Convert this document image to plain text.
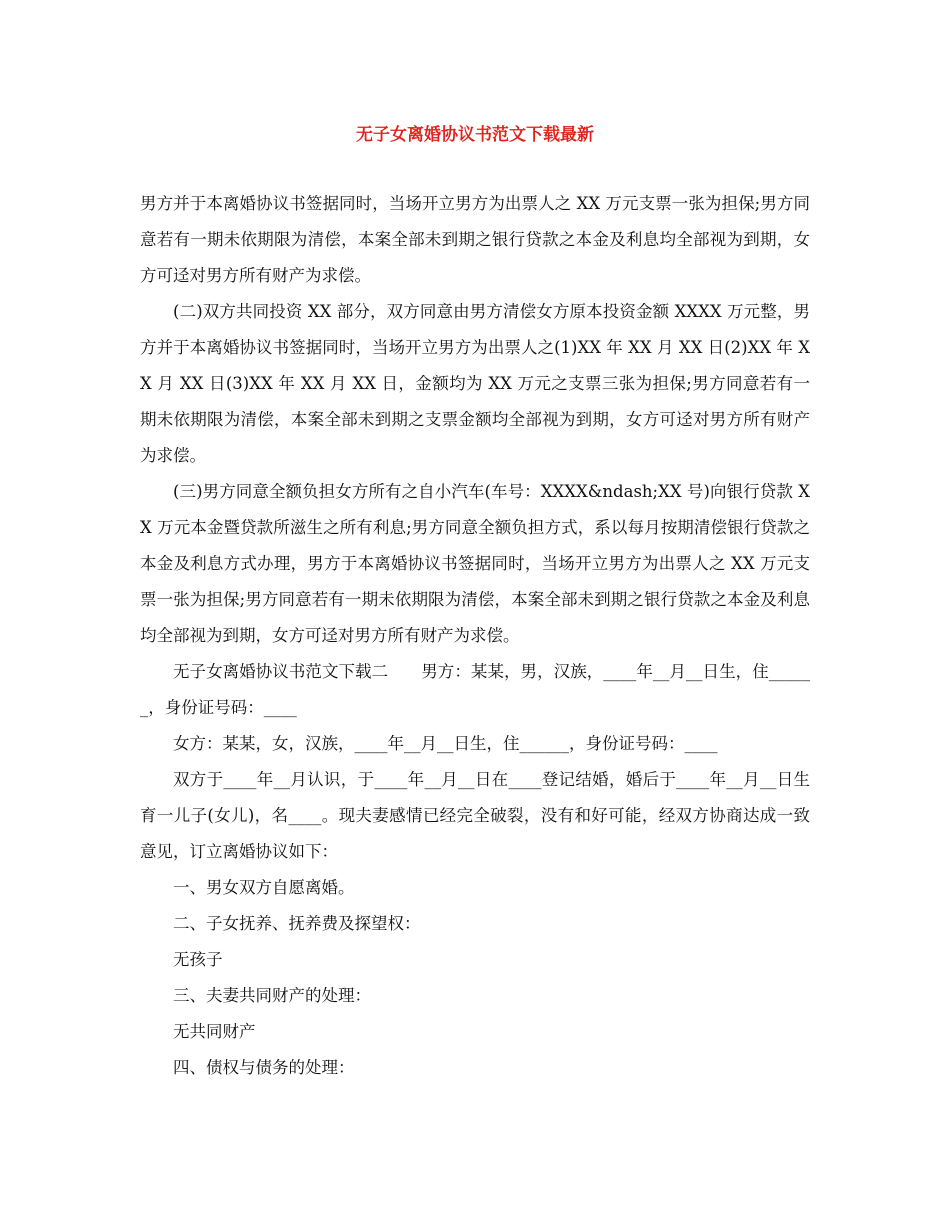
无子女离婚协议书范文下载最新

男方并于本离婚协议书签据同时，当场开立男方为出票人之 XX 万元支票一张为担保;男方同意若有一期未依期限为清偿，本案全部未到期之银行贷款之本金及利息均全部视为到期，女方可迳对男方所有财产为求偿。

(二)双方共同投资 XX 部分，双方同意由男方清偿女方原本投资金额 XXXX 万元整，男方并于本离婚协议书签据同时，当场开立男方为出票人之(1)XX 年 XX 月 XX 日(2)XX 年 XX 月 XX 日(3)XX 年 XX 月 XX 日，金额均为 XX 万元之支票三张为担保;男方同意若有一期未依期限为清偿，本案全部未到期之支票金额均全部视为到期，女方可迳对男方所有财产为求偿。

(三)男方同意全额负担女方所有之自小汽车(车号：XXXX&ndash;XX 号)向银行贷款 XX 万元本金暨贷款所滋生之所有利息;男方同意全额负担方式，系以每月按期清偿银行贷款之本金及利息方式办理，男方于本离婚协议书签据同时，当场开立男方为出票人之 XX 万元支票一张为担保;男方同意若有一期未依期限为清偿，本案全部未到期之银行贷款之本金及利息均全部视为到期，女方可迳对男方所有财产为求偿。

无子女离婚协议书范文下载二　　男方：某某，男，汉族，____年__月__日生，住______，身份证号码：____

女方：某某，女，汉族，____年__月__日生，住______，身份证号码：____

双方于____年__月认识，于____年__月__日在____登记结婚，婚后于____年__月__日生育一儿子(女儿)，名____。现夫妻感情已经完全破裂，没有和好可能，经双方协商达成一致意见，订立离婚协议如下：

一、男女双方自愿离婚。

二、子女抚养、抚养费及探望权：

无孩子

三、夫妻共同财产的处理：

无共同财产

四、债权与债务的处理：
